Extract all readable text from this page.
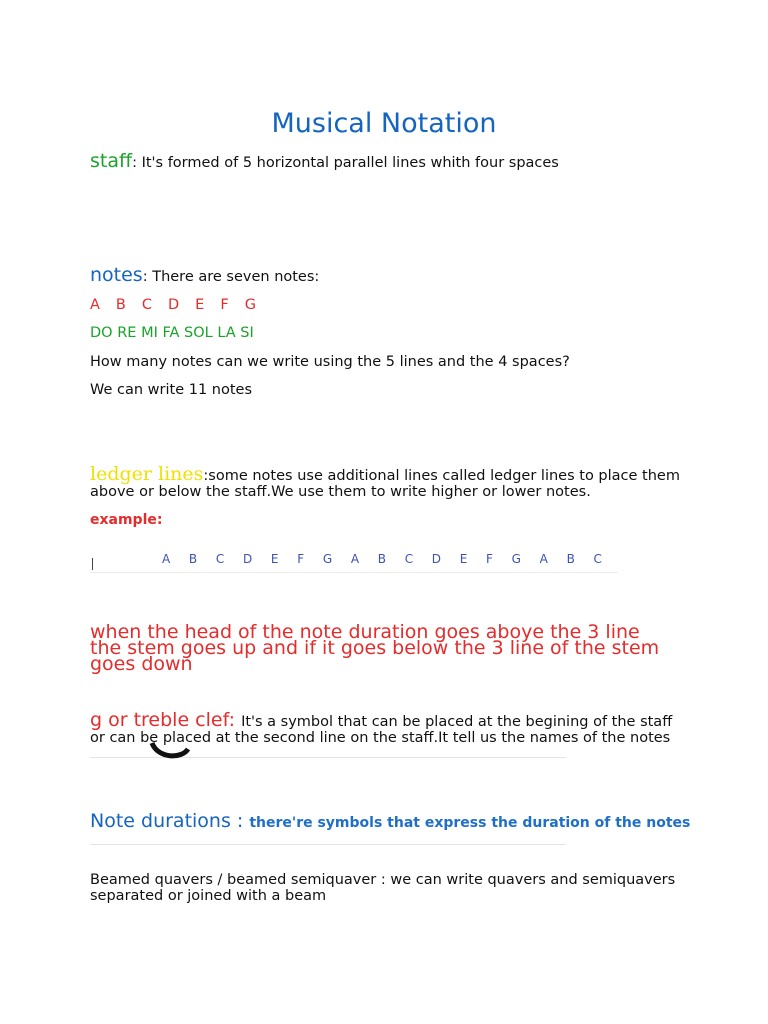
Musical Notation
staff: It's formed of 5 horizontal parallel lines whith four spaces
notes: There are seven notes:
A B C D E F G
DO RE MI FA SOL LA SI
How many notes can we write using the 5 lines and the 4 spaces?
We can write 11 notes
ledger lines:some notes use additional lines called ledger lines to place them above or below the staff.We use them to write higher or lower notes.
example:
A B C D E F G A B C D E F G A B C
when the head of the note duration goes aboye the 3 line the stem goes up and if it goes below the 3 line of the stem goes down
g or treble clef: It's a symbol that can be placed at the begining of the staff or can be placed at the second line on the staff.It tell us the names of the notes
Note durations : there're symbols that express the duration of the notes
Beamed quavers / beamed semiquaver : we can write quavers and semiquavers separated or joined with a beam
